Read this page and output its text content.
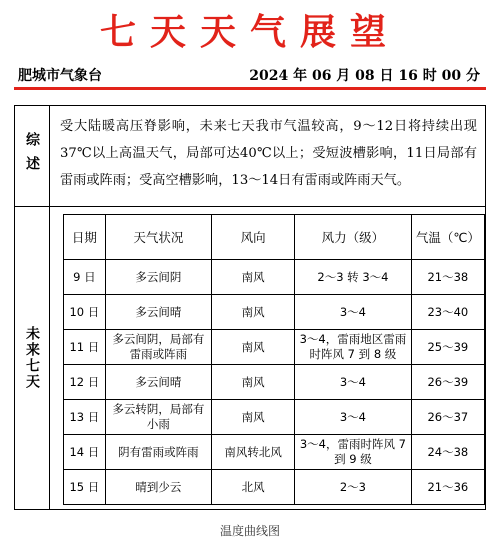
七天天气展望
肥城市气象台	2024 年 06 月 08 日 16 时 00 分
综述
受大陆暖高压脊影响，未来七天我市气温较高，9～12日将持续出现37℃以上高温天气，局部可达40℃以上；受短波槽影响，11日局部有雷雨或阵雨；受高空槽影响，13～14日有雷雨或阵雨天气。
未来七天
日期	天气状况	风向	风力（级）	气温（℃）
9 日	多云间阴	南风	2～3 转 3～4	21～38
10 日	多云间晴	南风	3～4	23～40
11 日	多云间阴，局部有雷雨或阵雨	南风	3～4，雷雨地区雷雨时阵风 7 到 8 级	25～39
12 日	多云间晴	南风	3～4	26～39
13 日	多云转阴，局部有小雨	南风	3～4	26～37
14 日	阴有雷雨或阵雨	南风转北风	3～4，雷雨时阵风 7 到 9 级	24～38
15 日	晴到少云	北风	2～3	21～36
温度曲线图
